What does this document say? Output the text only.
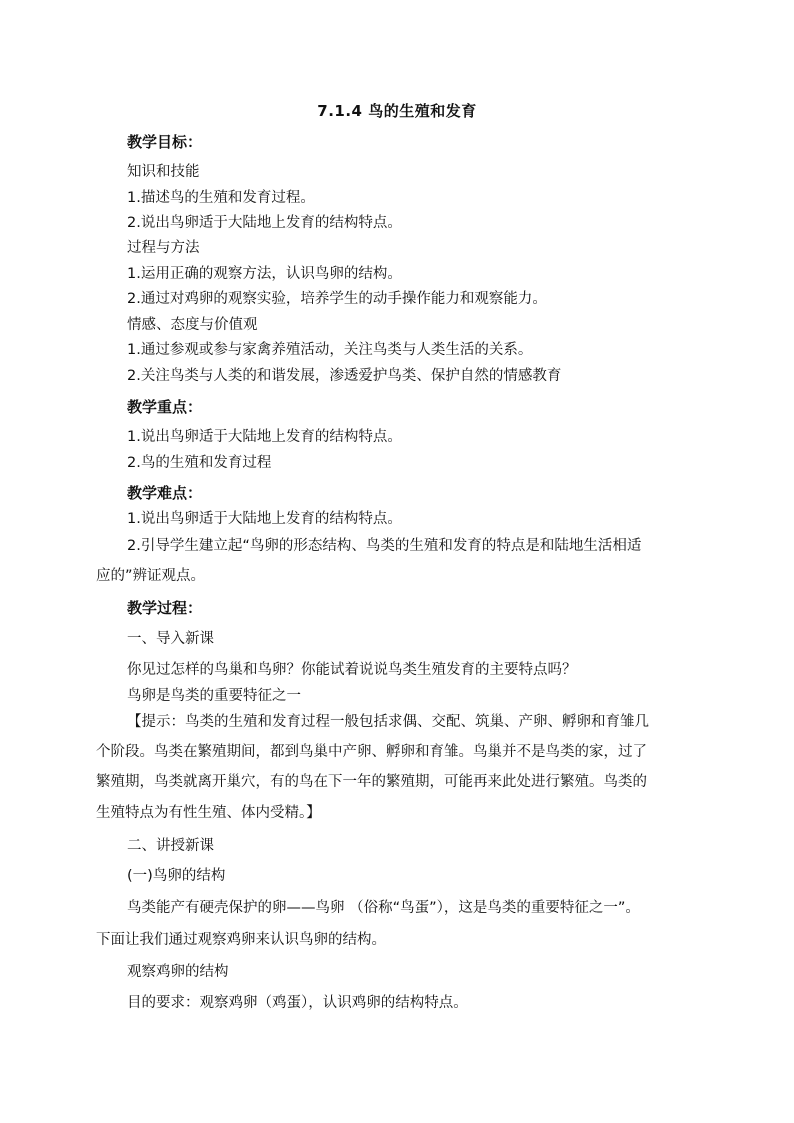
7.1.4 鸟的生殖和发育
教学目标：
知识和技能
1.描述鸟的生殖和发育过程。
2.说出鸟卵适于大陆地上发育的结构特点。
过程与方法
1.运用正确的观察方法，认识鸟卵的结构。
2.通过对鸡卵的观察实验，培养学生的动手操作能力和观察能力。
情感、态度与价值观
1.通过参观或参与家禽养殖活动，关注鸟类与人类生活的关系。
2.关注鸟类与人类的和谐发展，渗透爱护鸟类、保护自然的情感教育
教学重点：
1.说出鸟卵适于大陆地上发育的结构特点。
2.鸟的生殖和发育过程
教学难点：
1.说出鸟卵适于大陆地上发育的结构特点。
2.引导学生建立起“鸟卵的形态结构、鸟类的生殖和发育的特点是和陆地生活相适
应的”辨证观点。
教学过程：
一、导入新课
你见过怎样的鸟巢和鸟卵？你能试着说说鸟类生殖发育的主要特点吗？
鸟卵是鸟类的重要特征之一
【提示：鸟类的生殖和发育过程一般包括求偶、交配、筑巢、产卵、孵卵和育雏几
个阶段。鸟类在繁殖期间，都到鸟巢中产卵、孵卵和育雏。鸟巢并不是鸟类的家，过了
繁殖期，鸟类就离开巢穴，有的鸟在下一年的繁殖期，可能再来此处进行繁殖。鸟类的
生殖特点为有性生殖、体内受精。】
二、讲授新课
(一)鸟卵的结构
鸟类能产有硬壳保护的卵——鸟卵 （俗称“鸟蛋”），这是鸟类的重要特征之一”。
下面让我们通过观察鸡卵来认识鸟卵的结构。
观察鸡卵的结构
目的要求：观察鸡卵（鸡蛋），认识鸡卵的结构特点。
